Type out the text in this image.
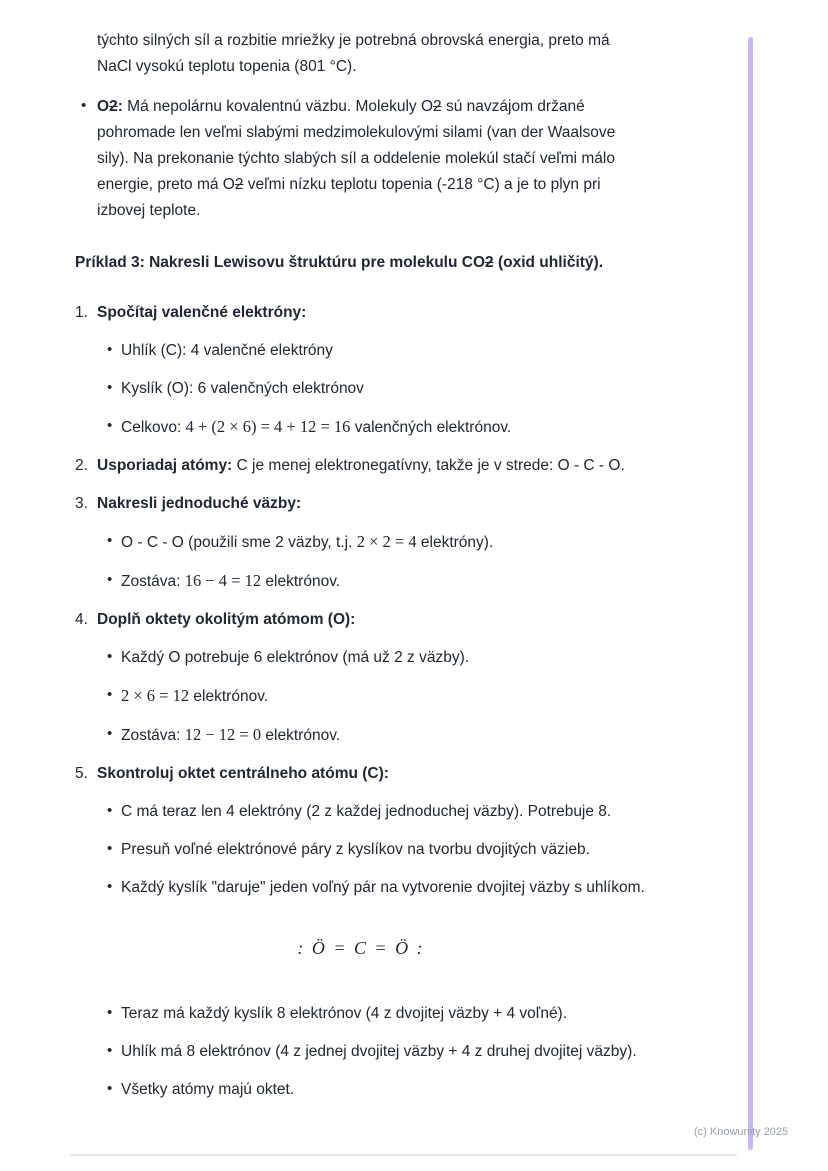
týchto silných síl a rozbitie mriežky je potrebná obrovská energia, preto má NaCl vysokú teplotu topenia (801 °C).

• O2: Má nepolárnu kovalentnú väzbu. Molekuly O2 sú navzájom držané pohromade len veľmi slabými medzimolekulovými silami (van der Waalsove sily). Na prekonanie týchto slabých síl a oddelenie molekúl stačí veľmi málo energie, preto má O2 veľmi nízku teplotu topenia (-218 °C) a je to plyn pri izbovej teplote.

Príklad 3: Nakresli Lewisovu štruktúru pre molekulu CO2 (oxid uhličitý).
1. Spočítaj valenčné elektróny:

• Uhlík (C): 4 valenčné elektróny

• Kyslík (O): 6 valenčných elektrónov

• Celkovo: 4 + (2 × 6) = 4 + 12 = 16 valenčných elektrónov.

2. Usporiadaj atómy: C je menej elektronegatívny, takže je v strede: O - C - O.

3. Nakresli jednoduché väzby:

• O - C - O (použili sme 2 väzby, t.j. 2 × 2 = 4 elektróny).

• Zostáva: 16 − 4 = 12 elektrónov.

4. Doplň oktety okolitým atómom (O):

• Každý O potrebuje 6 elektrónov (má už 2 z väzby).

• 2 × 6 = 12 elektrónov.

• Zostáva: 12 − 12 = 0 elektrónov.

5. Skontroluj oktet centrálneho atómu (C):

• C má teraz len 4 elektróny (2 z každej jednoduchej väzby). Potrebuje 8.

• Presuň voľné elektrónové páry z kyslíkov na tvorbu dvojitých väzieb.

• Každý kyslík "daruje" jeden voľný pár na vytvorenie dvojitej väzby s uhlíkom.

: Ö = C = Ö :
• Teraz má každý kyslík 8 elektrónov (4 z dvojitej väzby + 4 voľné).

• Uhlík má 8 elektrónov (4 z jednej dvojitej väzby + 4 z druhej dvojitej väzby).

• Všetky atómy majú oktet.

(c) Knowunity 2025
